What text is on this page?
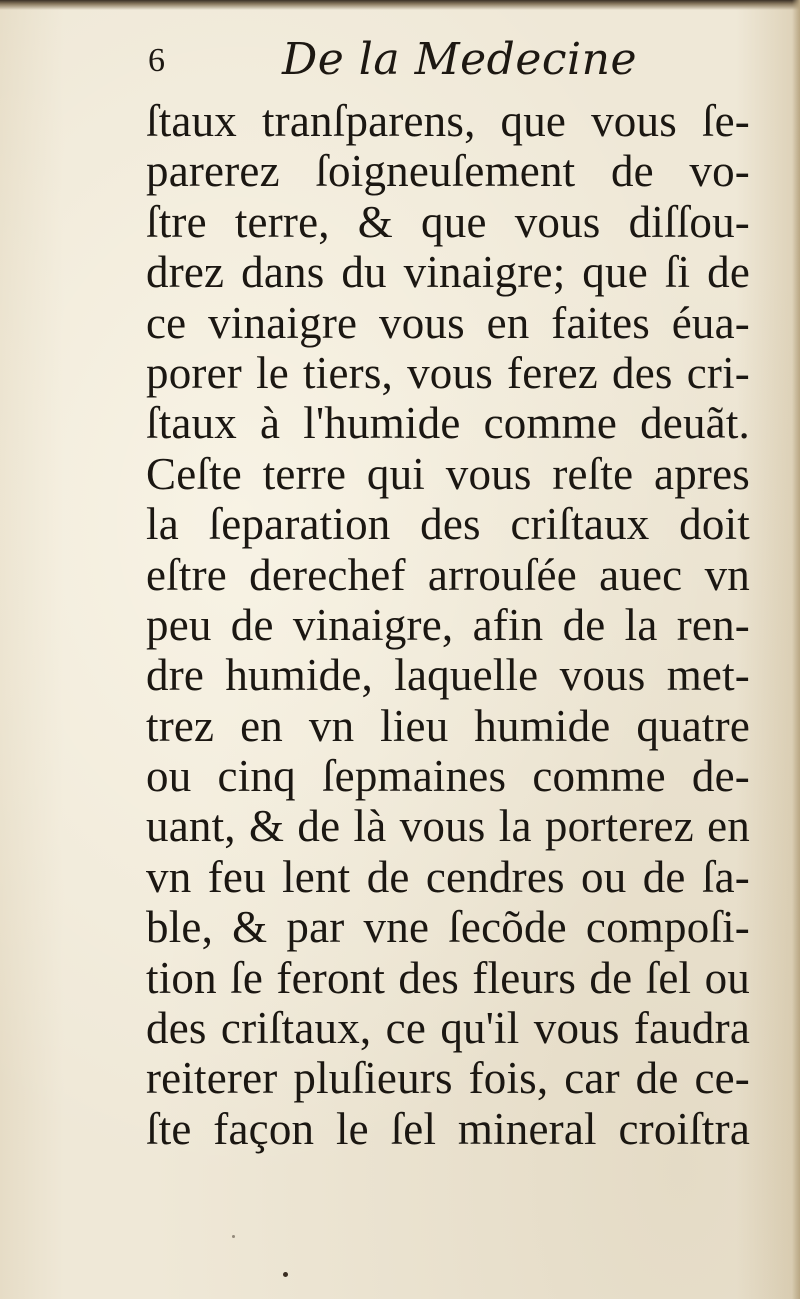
6	De la Medecine
ſtaux tranſparens, que vous ſe-
parerez ſoigneuſement de vo-
ſtre terre, & que vous diſſou-
drez dans du vinaigre; que ſi de
ce vinaigre vous en faites éua-
porer le tiers, vous ferez des cri-
ſtaux à l'humide comme deuãt.
Ceſte terre qui vous reſte apres
la ſeparation des criſtaux doit
eſtre derechef arrouſée auec vn
peu de vinaigre, afin de la ren-
dre humide, laquelle vous met-
trez en vn lieu humide quatre
ou cinq ſepmaines comme de-
uant, & de là vous la porterez en
vn feu lent de cendres ou de ſa-
ble, & par vne ſecõde compoſi-
tion ſe feront des fleurs de ſel ou
des criſtaux, ce qu'il vous faudra
reiterer pluſieurs fois, car de ce-
ſte façon le ſel mineral croiſtra
